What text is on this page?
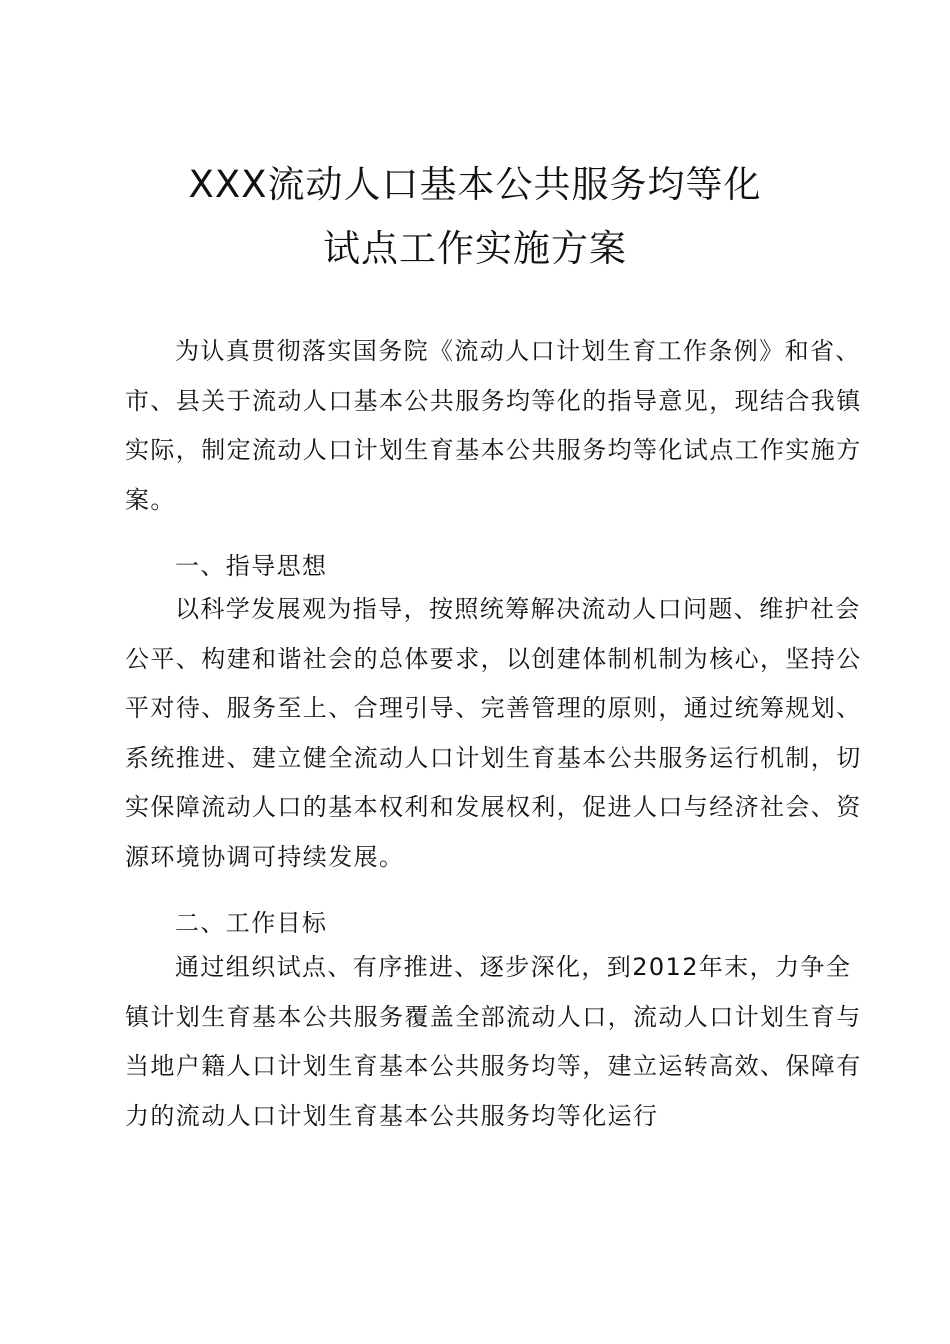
XXX流动人口基本公共服务均等化
试点工作实施方案
为认真贯彻落实国务院《流动人口计划生育工作条例》和省、
市、县关于流动人口基本公共服务均等化的指导意见，现结合我镇
实际，制定流动人口计划生育基本公共服务均等化试点工作实施方
案。
一、指导思想
以科学发展观为指导，按照统筹解决流动人口问题、维护社会
公平、构建和谐社会的总体要求，以创建体制机制为核心，坚持公
平对待、服务至上、合理引导、完善管理的原则，通过统筹规划、
系统推进、建立健全流动人口计划生育基本公共服务运行机制，切
实保障流动人口的基本权利和发展权利，促进人口与经济社会、资
源环境协调可持续发展。
二、工作目标
通过组织试点、有序推进、逐步深化，到2012年末，力争全
镇计划生育基本公共服务覆盖全部流动人口，流动人口计划生育与
当地户籍人口计划生育基本公共服务均等，建立运转高效、保障有
力的流动人口计划生育基本公共服务均等化运行
